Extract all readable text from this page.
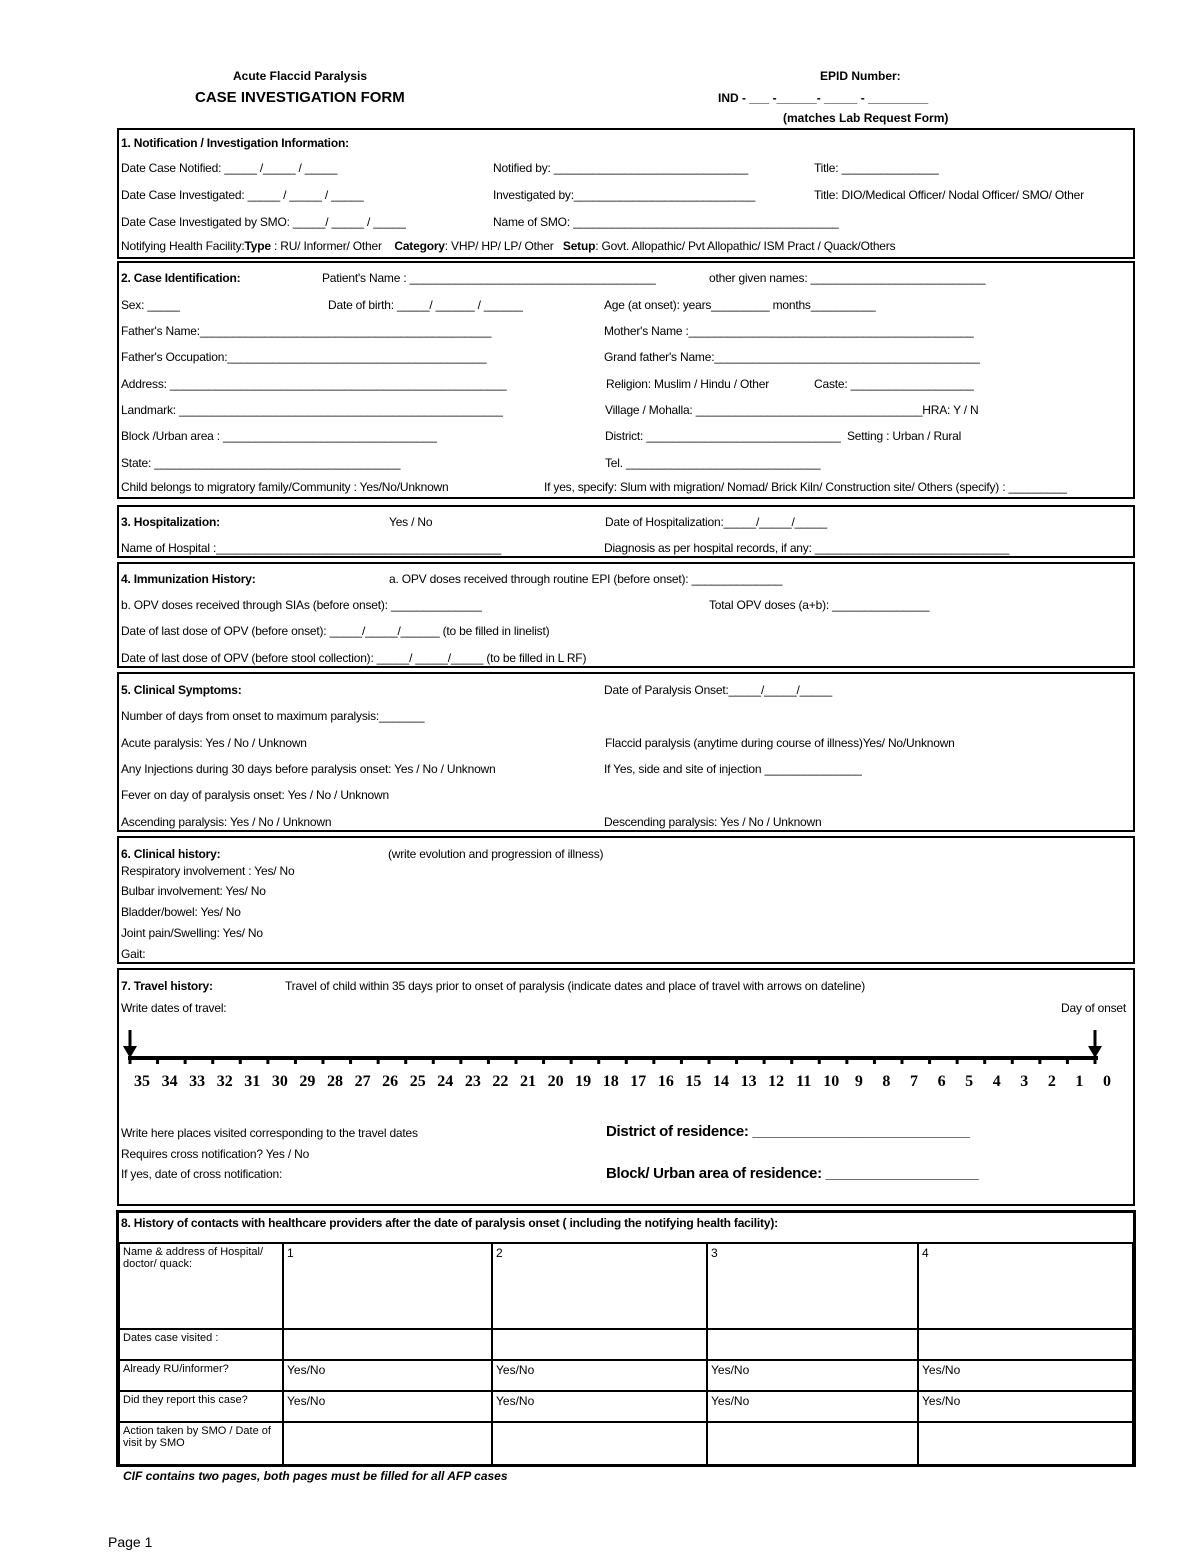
Acute Flaccid Paralysis
CASE INVESTIGATION FORM
EPID Number:
IND - ___ -______- _____ - _________
(matches Lab Request Form)
1. Notification / Investigation Information:
Date Case Notified: _____ /_____ / _____	Notified by: ______________________________	Title: _______________
Date Case Investigated: _____ / _____ / _____	Investigated by:____________________________	Title: DIO/Medical Officer/ Nodal Officer/ SMO/ Other
Date Case Investigated by SMO: _____/ _____ / _____	Name of SMO: _________________________________________
Notifying Health Facility:Type : RU/ Informer/ Other Category: VHP/ HP/ LP/ Other Setup: Govt. Allopathic/ Pvt Allopathic/ ISM Pract / Quack/Others
2. Case Identification:	Patient's Name : ______________________________________	other given names: ___________________________
Sex: _____	Date of birth: _____/ ______ / ______	Age (at onset): years_________ months__________
Father's Name:_____________________________________________	Mother's Name :____________________________________________
Father's Occupation:________________________________________	Grand father's Name:_________________________________________
Address: ____________________________________________________	Religion: Muslim / Hindu / Other	Caste: ___________________
Landmark: __________________________________________________	Village / Mohalla: ___________________________________HRA: Y / N
Block /Urban area : _________________________________	District: ______________________________ Setting : Urban / Rural
State: ______________________________________	Tel. ______________________________
Child belongs to migratory family/Community : Yes/No/Unknown	If yes, specify: Slum with migration/ Nomad/ Brick Kiln/ Construction site/ Others (specify) : _________
3. Hospitalization:	Yes / No	Date of Hospitalization:_____/_____/_____
Name of Hospital :____________________________________________	Diagnosis as per hospital records, if any: ______________________________
4. Immunization History:	a. OPV doses received through routine EPI (before onset): ______________
b. OPV doses received through SIAs (before onset): ______________	Total OPV doses (a+b): _______________
Date of last dose of OPV (before onset): _____/_____/______ (to be filled in linelist)
Date of last dose of OPV (before stool collection): _____/ _____/_____ (to be filled in L RF)
5. Clinical Symptoms:	Date of Paralysis Onset:_____/_____/_____
Number of days from onset to maximum paralysis:_______
Acute paralysis: Yes / No / Unknown	Flaccid paralysis (anytime during course of illness)Yes/ No/Unknown
Any Injections during 30 days before paralysis onset: Yes / No / Unknown	If Yes, side and site of injection _______________
Fever on day of paralysis onset: Yes / No / Unknown
Ascending paralysis: Yes / No / Unknown	Descending paralysis: Yes / No / Unknown
6. Clinical history:	(write evolution and progression of illness)
Respiratory involvement : Yes/ No
Bulbar involvement: Yes/ No
Bladder/bowel: Yes/ No
Joint pain/Swelling: Yes/ No
Gait:
7. Travel history:	Travel of child within 35 days prior to onset of paralysis (indicate dates and place of travel with arrows on dateline)
Write dates of travel:	Day of onset
35 34 33 32 31 30 29 28 27 26 25 24 23 22 21 20 19 18 17 16 15 14 13 12 11 10 9 8 7 6 5 4 3 2 1 0
Write here places visited corresponding to the travel dates
Requires cross notification? Yes / No
If yes, date of cross notification:
District of residence: ___________________________
Block/ Urban area of residence: ___________________
8. History of contacts with healthcare providers after the date of paralysis onset ( including the notifying health facility):
Name & address of Hospital/ doctor/ quack:	1	2	3	4
Dates case visited :				
Already RU/informer?	Yes/No	Yes/No	Yes/No	Yes/No
Did they report this case?	Yes/No	Yes/No	Yes/No	Yes/No
Action taken by SMO / Date of visit by SMO				
CIF contains two pages, both pages must be filled for all AFP cases
Page 1
